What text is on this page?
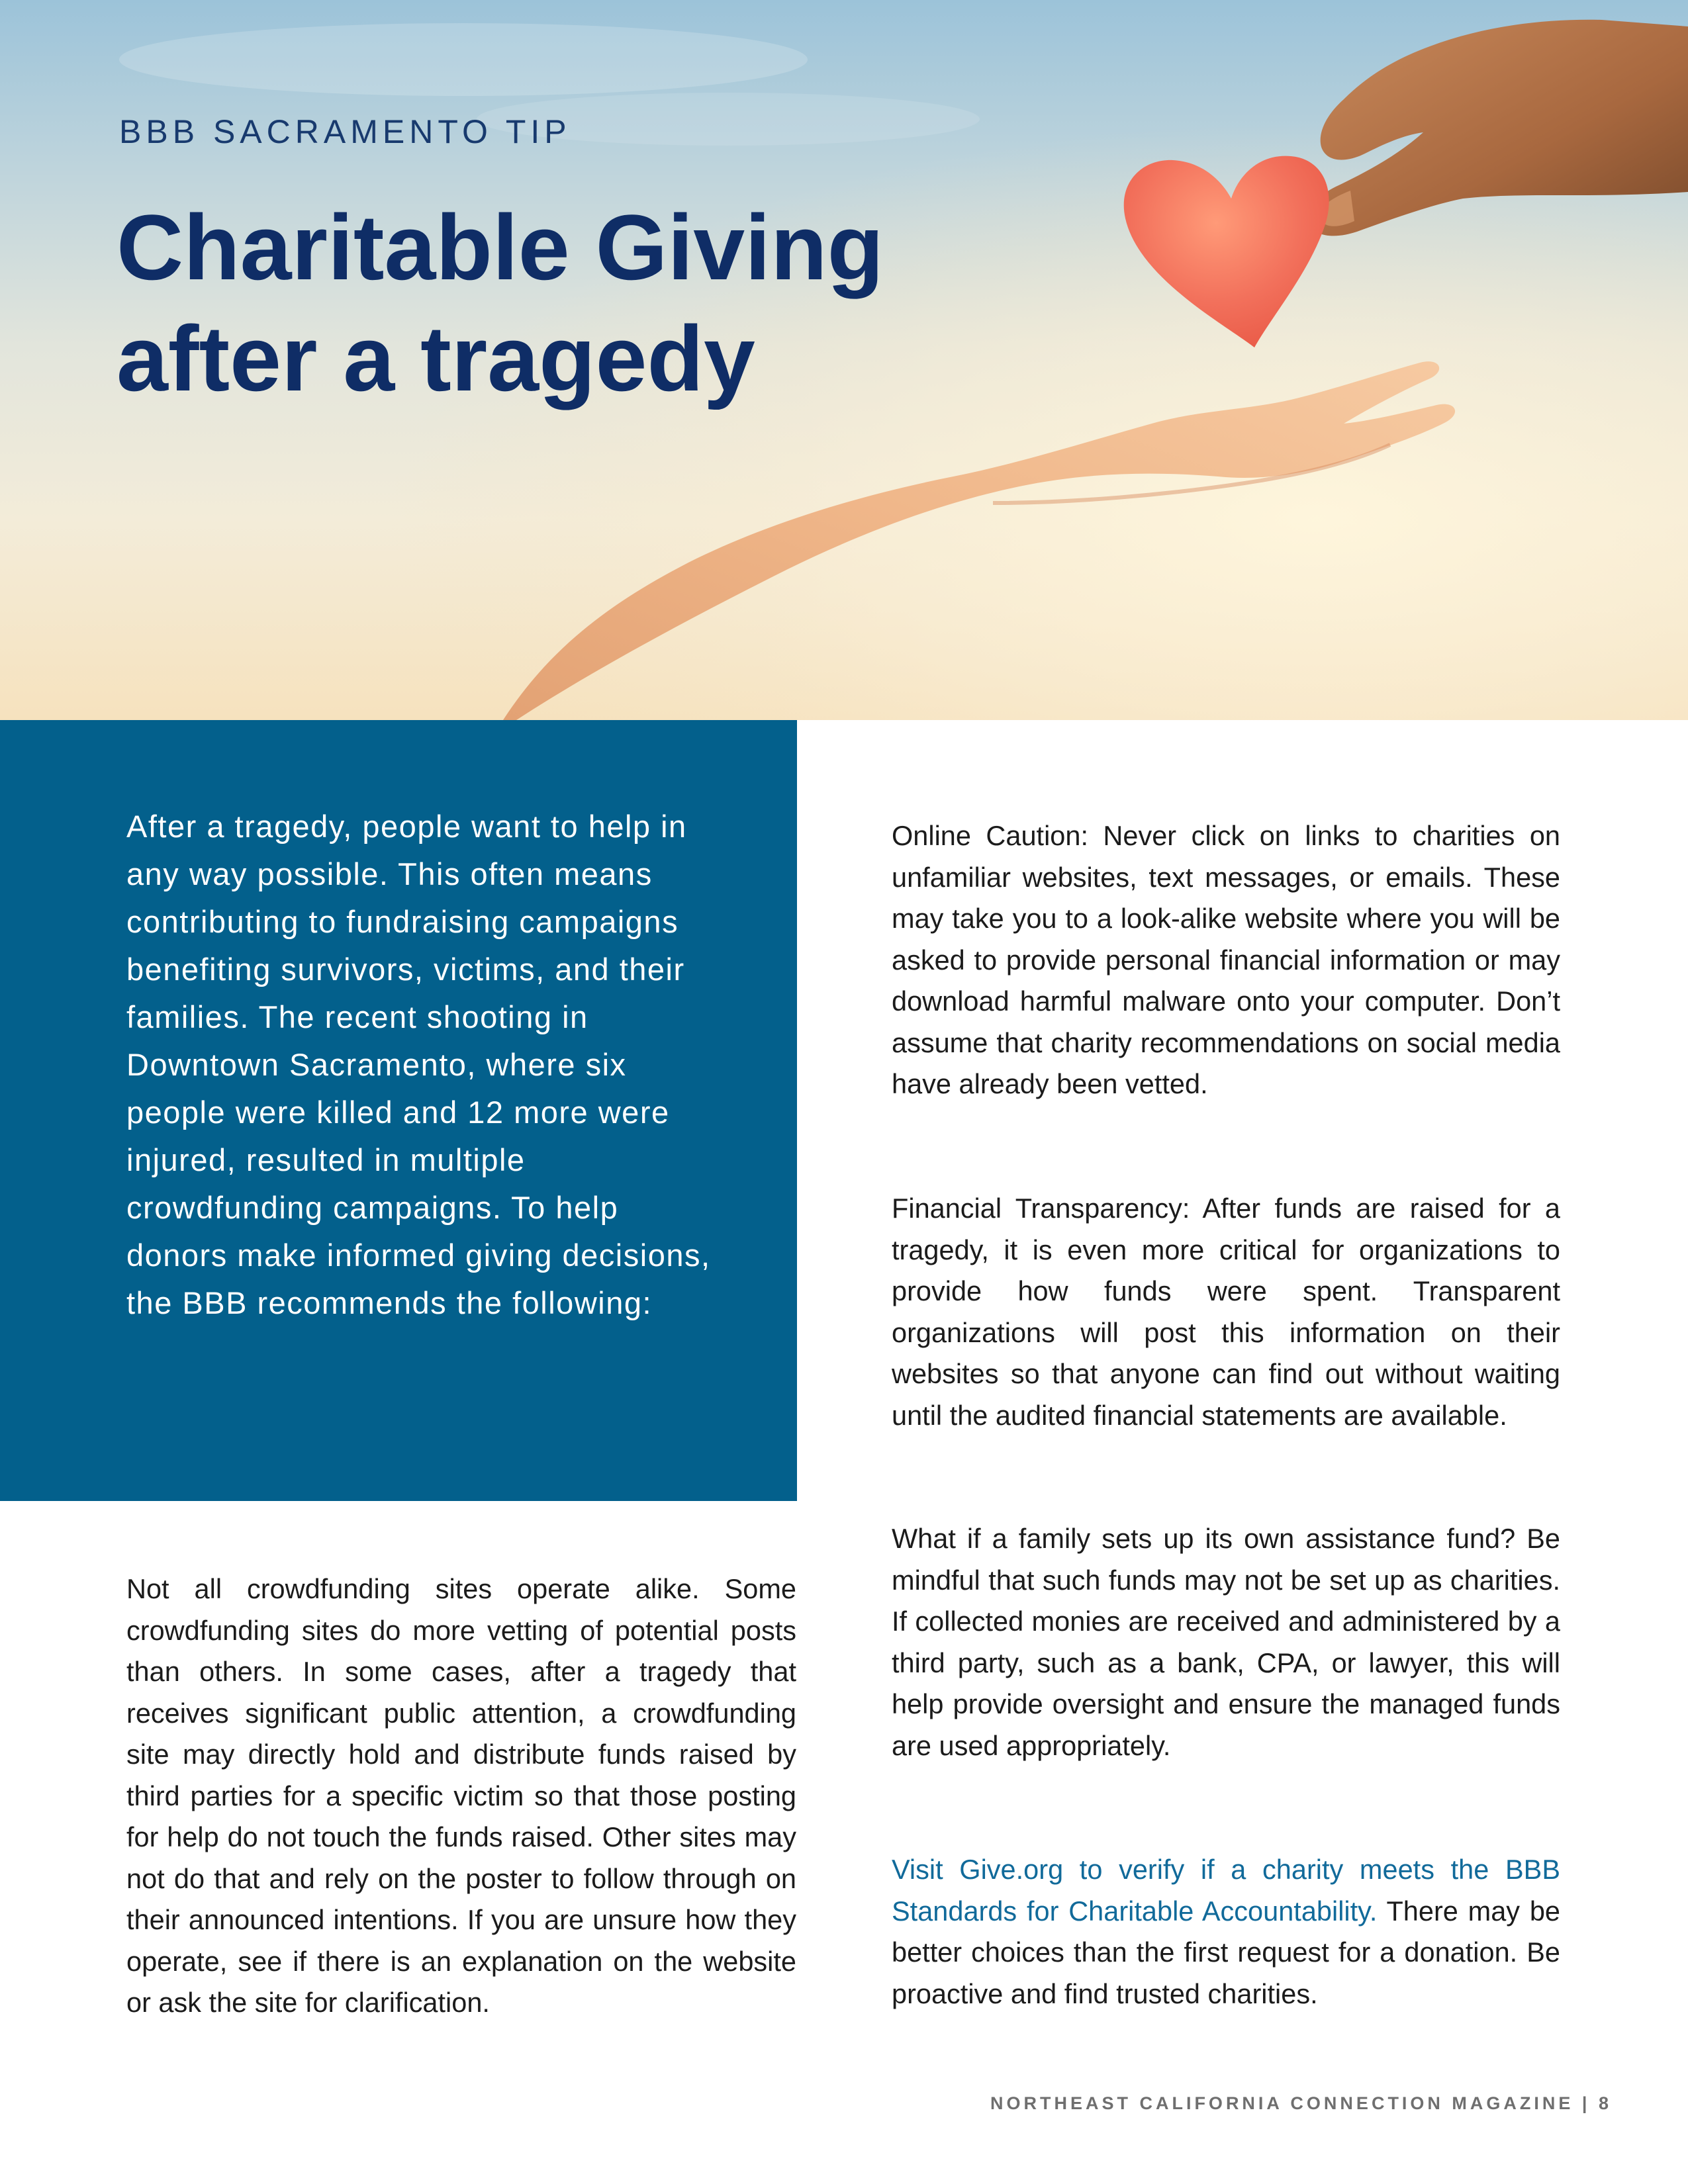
BBB SACRAMENTO TIP
Charitable Giving
after a tragedy

After a tragedy, people want to help in any way possible. This often means contributing to fundraising campaigns benefiting survivors, victims, and their families. The recent shooting in Downtown Sacramento, where six people were killed and 12 more were injured, resulted in multiple crowdfunding campaigns. To help donors make informed giving decisions, the BBB recommends the following:

Not all crowdfunding sites operate alike. Some crowdfunding sites do more vetting of potential posts than others. In some cases, after a tragedy that receives significant public attention, a crowdfunding site may directly hold and distribute funds raised by third parties for a specific victim so that those posting for help do not touch the funds raised. Other sites may not do that and rely on the poster to follow through on their announced intentions. If you are unsure how they operate, see if there is an explanation on the website or ask the site for clarification.

Online Caution: Never click on links to charities on unfamiliar websites, text messages, or emails. These may take you to a look-alike website where you will be asked to provide personal financial information or may download harmful malware onto your computer. Don’t assume that charity recommendations on social media have already been vetted.

Financial Transparency: After funds are raised for a tragedy, it is even more critical for organizations to provide how funds were spent. Transparent organizations will post this information on their websites so that anyone can find out without waiting until the audited financial statements are available.

What if a family sets up its own assistance fund? Be mindful that such funds may not be set up as charities. If collected monies are received and administered by a third party, such as a bank, CPA, or lawyer, this will help provide oversight and ensure the managed funds are used appropriately.

Visit Give.org to verify if a charity meets the BBB Standards for Charitable Accountability. There may be better choices than the first request for a donation. Be proactive and find trusted charities.

NORTHEAST CALIFORNIA CONNECTION MAGAZINE | 8
